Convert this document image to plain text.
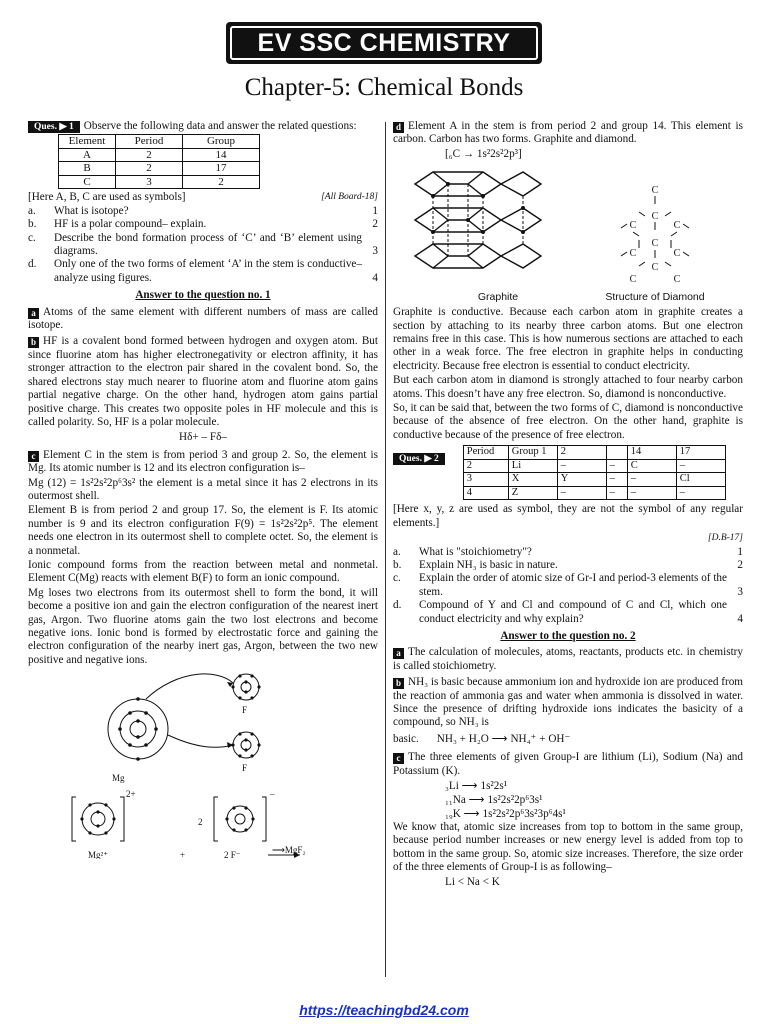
EV SSC CHEMISTRY
Chapter-5: Chemical Bonds

Ques. ▶ 1 Observe the following data and answer the related questions:

Element	Period	Group
A	2	14
B	2	17
C	3	2
[Here A, B, C are used as symbols]	[All Board-18]
a.	What is isotope?	1
b.	HF is a polar compound– explain.	2
c.	Describe the bond formation process of ‘C’ and ‘B’ element using diagrams.	3
d.	Only one of the two forms of element ‘A’ in the stem is conductive– analyze using figures.	4
Answer to the question no. 1

a Atoms of the same element with different numbers of mass are called isotope.

b HF is a covalent bond formed between hydrogen and oxygen atom. But since fluorine atom has higher electronegativity or electron affinity, it has stronger attraction to the electron pair shared in the covalent bond. So, the shared electrons stay much nearer to fluorine atom and fluorine atom gains partial negative charge. On the other hand, hydrogen atom gains partial positive charge. This creates two opposite poles in HF molecule and this is called polarity. So, HF is a polar molecule.

Hδ+ – Fδ–

c Element C in the stem is from period 3 and group 2. So, the element is Mg. Its atomic number is 12 and its electron configuration is–

Mg (12) = 1s²2s²2p⁶3s² the element is a metal since it has 2 electrons in its outermost shell.

Element B is from period 2 and group 17. So, the element is F. Its atomic number is 9 and its electron configuration F(9) = 1s²2s²2p⁵. The element needs one electron in its outermost shell to complete octet. So, the element is a nonmetal.

Ionic compound forms from the reaction between metal and nonmetal. Element C(Mg) reacts with element B(F) to form an ionic compound.

Mg loses two electrons from its outermost shell to form the bond, it will become a positive ion and gain the electron configuration of the nearest inert gas, Argon. Two fluorine atoms gain the two lost electrons and become negative ions. Ionic bond is formed by electrostatic force and gaining the electron configuration of the nearby inert gas, Argon, between the two new positive and negative ions.

Mg
F
F
2+	–
2
Mg²⁺	+	2 F⁻	⟶MgF₂

d Element A in the stem is from period 2 and group 14. This element is carbon. Carbon has two forms. Graphite and diamond.

[₆C → 1s²2s²2p³]

C
C
C	C
C
C	C
C
C	C
Graphite	Structure of Diamond

Graphite is conductive. Because each carbon atom in graphite creates a section by attaching to its nearby three carbon atoms. But one electron remains free in this case. This is how numerous sections are attached to each other in a weak force. The free electron in graphite helps in conducting electricity. Because free electron is essential to conduct electricity.

But each carbon atom in diamond is strongly attached to four nearby carbon atoms. This doesn’t have any free electron. So, diamond is nonconductive.

So, it can be said that, between the two forms of C, diamond is nonconductive because of the absence of free electron. On the other hand, graphite is conductive because of the presence of free electron.

Ques. ▶ 2
Period	Group 1	2		14	17
2	Li	–	–	C	–
3	X	Y	–	–	Cl
4	Z	–	–	–	–

[Here x, y, z are used as symbol, they are not the symbol of any regular elements.]

[D.B-17]
a.	What is "stoichiometry"?	1
b.	Explain NH₃ is basic in nature.	2
c.	Explain the order of atomic size of Gr-I and period-3 elements of the stem.	3
d.	Compound of Y and Cl and compound of C and Cl, which one conduct electricity and why explain?	4
Answer to the question no. 2

a The calculation of molecules, atoms, reactants, products etc. in chemistry is called stoichiometry.

b NH₃ is basic because ammonium ion and hydroxide ion are produced from the reaction of ammonia gas and water when ammonia is dissolved in water. Since the presence of drifting hydroxide ions indicates the basicity of a compound, so NH₃ is

basic. NH₃ + H₂O ⟶ NH₄⁺ + OH⁻

c The three elements of given Group-I are lithium (Li), Sodium (Na) and Potassium (K).

₃Li ⟶ 1s²2s¹
₁₁Na ⟶ 1s²2s²2p⁶3s¹
₁₉K ⟶ 1s²2s²2p⁶3s²3p⁶4s¹

We know that, atomic size increases from top to bottom in the same group, because period number increases or new energy level is added from top to bottom in the same group. So, atomic size increases. Therefore, the size order of the three elements of Group-I is as following–

Li < Na < K

https://teachingbd24.com
